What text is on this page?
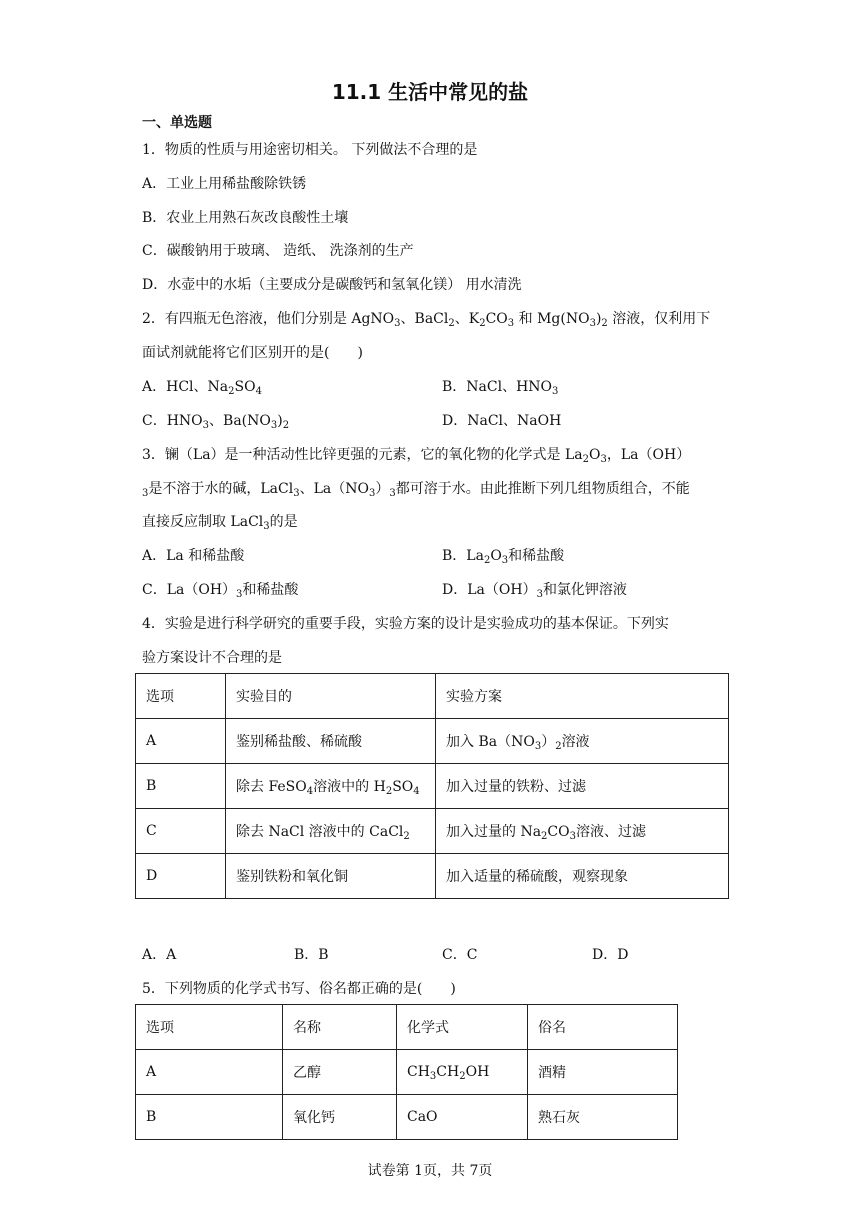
11.1 生活中常见的盐
一、单选题
1．物质的性质与用途密切相关。 下列做法不合理的是
A．工业上用稀盐酸除铁锈
B．农业上用熟石灰改良酸性土壤
C．碳酸钠用于玻璃、 造纸、 洗涤剂的生产
D．水壶中的水垢（主要成分是碳酸钙和氢氧化镁） 用水清洗
2．有四瓶无色溶液，他们分别是 AgNO$_3$、BaCl$_2$、$K_2CO_3$ 和 $Mg(NO_3)_2$ 溶液，仅利用下
面试剂就能将它们区别开的是(　　)
A．HCl、$Na_2SO_4$	B．NaCl、$HNO_3$
C．$HNO_3$、$Ba(NO_3)_2$	D．NaCl、NaOH
3．镧（La）是一种活动性比锌更强的元素，它的氧化物的化学式是 $La_2O_3$，La（OH）
$_3$是不溶于水的碱，LaCl$_3$、$La(NO_3)_3$都可溶于水。由此推断下列几组物质组合，不能
直接反应制取 LaCl$_3$的是
A．La 和稀盐酸	B．$La_2O_3$和稀盐酸
C．$La(OH)_3$和稀盐酸	D．$La(OH)_3$和氯化钾溶液
4．实验是进行科学研究的重要手段，实验方案的设计是实验成功的基本保证。下列实
验方案设计不合理的是
选项	实验目的	实验方案
A	鉴别稀盐酸、稀硫酸	加入 $Ba(NO_3)_2$溶液
B	除去 FeSO$_4$溶液中的 $H_2SO_4$	加入过量的铁粉、过滤
C	除去 NaCl 溶液中的 CaCl$_2$	加入过量的 $Na_2CO_3$溶液、过滤
D	鉴别铁粉和氧化铜	加入适量的稀硫酸，观察现象
A．A	B．B	C．C	D．D
5．下列物质的化学式书写、俗名都正确的是(　　)
选项	名称	化学式	俗名
A	乙醇	$CH_3CH_2OH$	酒精
B	氧化钙	CaO	熟石灰
试卷第 1页，共 7页
